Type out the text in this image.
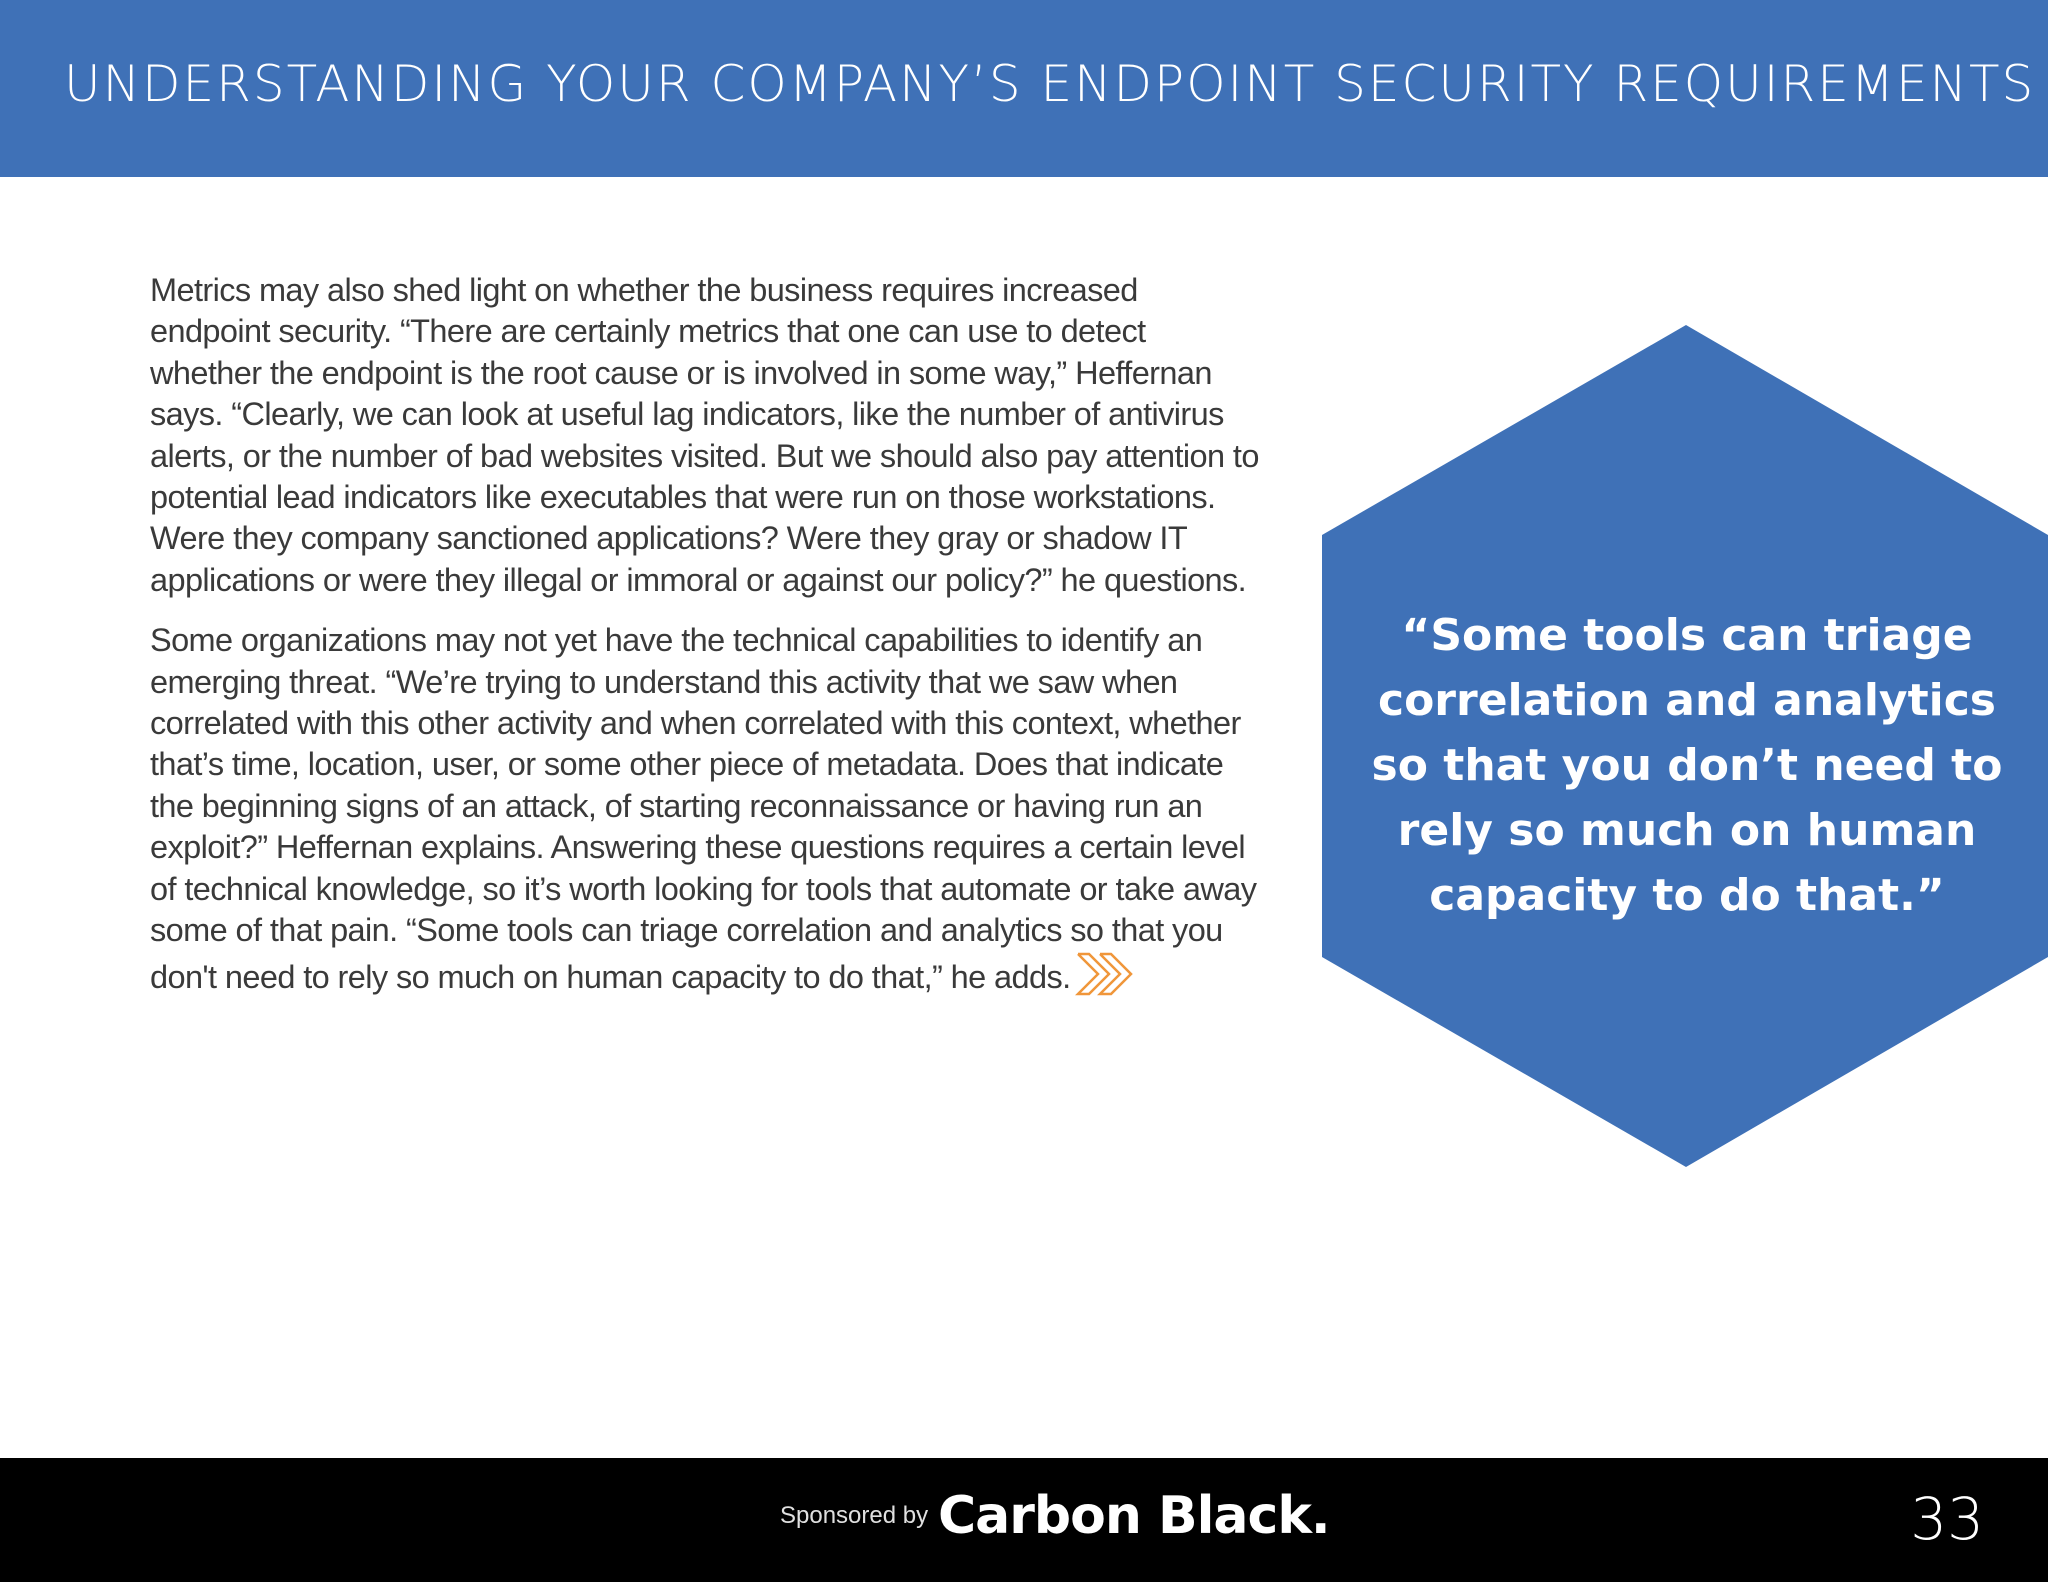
UNDERSTANDING YOUR COMPANY’S ENDPOINT SECURITY REQUIREMENTS

Metrics may also shed light on whether the business requires increased endpoint security. “There are certainly metrics that one can use to detect whether the endpoint is the root cause or is involved in some way,” Heffernan says. “Clearly, we can look at useful lag indicators, like the number of antivirus alerts, or the number of bad websites visited. But we should also pay attention to potential lead indicators like executables that were run on those workstations. Were they company sanctioned applications? Were they gray or shadow IT applications or were they illegal or immoral or against our policy?” he questions.

Some organizations may not yet have the technical capabilities to identify an emerging threat. “We’re trying to understand this activity that we saw when correlated with this other activity and when correlated with this context, whether that’s time, location, user, or some other piece of metadata. Does that indicate the beginning signs of an attack, of starting reconnaissance or having run an exploit?” Heffernan explains. Answering these questions requires a certain level of technical knowledge, so it’s worth looking for tools that automate or take away some of that pain. “Some tools can triage correlation and analytics so that you don't need to rely so much on human capacity to do that,” he adds.

“Some tools can triage correlation and analytics so that you don’t need to rely so much on human capacity to do that.”
Sponsored by Carbon Black.	33
